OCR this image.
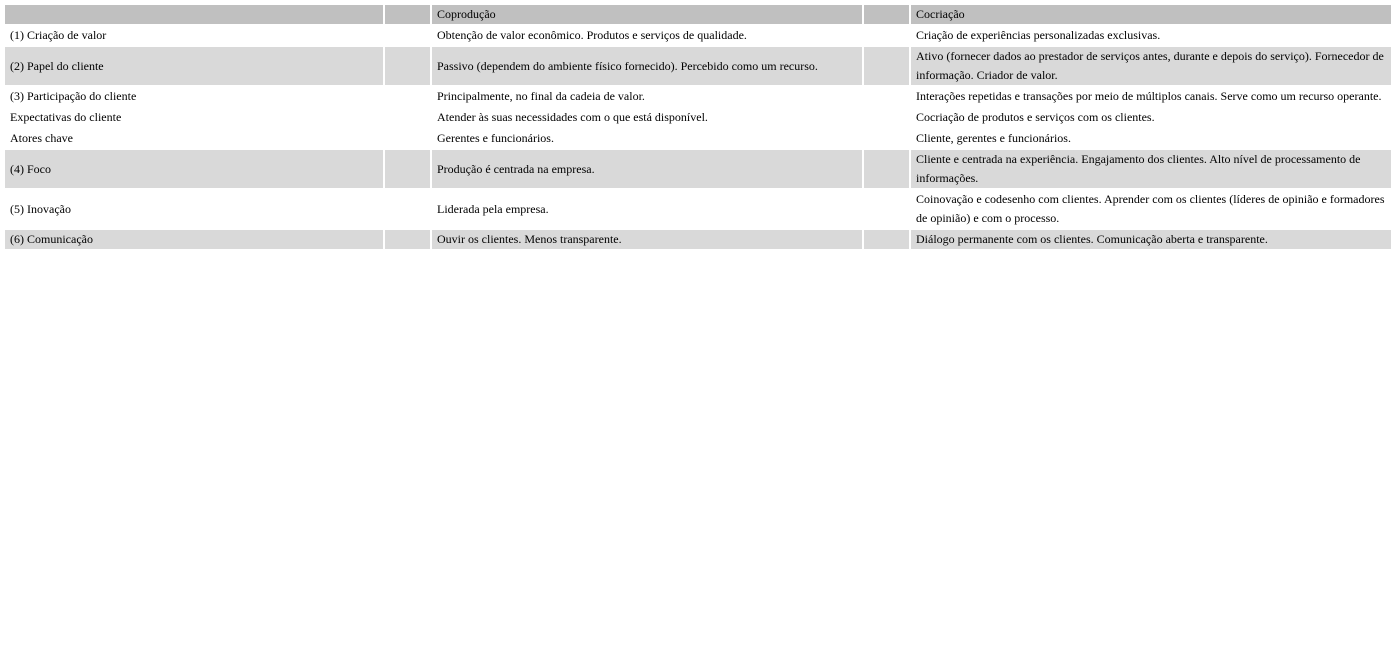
		Coprodução		Cocriação
(1) Criação de valor		Obtenção de valor econômico. Produtos e serviços de qualidade.		Criação de experiências personalizadas exclusivas.
(2) Papel do cliente		Passivo (dependem do ambiente físico fornecido). Percebido como um recurso.		Ativo (fornecer dados ao prestador de serviços antes, durante e depois do serviço). Fornecedor de informação. Criador de valor.
(3) Participação do cliente		Principalmente, no final da cadeia de valor.		Interações repetidas e transações por meio de múltiplos canais. Serve como um recurso operante.
Expectativas do cliente		Atender às suas necessidades com o que está disponível.		Cocriação de produtos e serviços com os clientes.
Atores chave		Gerentes e funcionários.		Cliente, gerentes e funcionários.
(4) Foco		Produção é centrada na empresa.		Cliente e centrada na experiência. Engajamento dos clientes. Alto nível de processamento de informações.
(5) Inovação		Liderada pela empresa.		Coinovação e codesenho com clientes. Aprender com os clientes (líderes de opinião e formadores de opinião) e com o processo.
(6) Comunicação		Ouvir os clientes. Menos transparente.		Diálogo permanente com os clientes. Comunicação aberta e transparente.
